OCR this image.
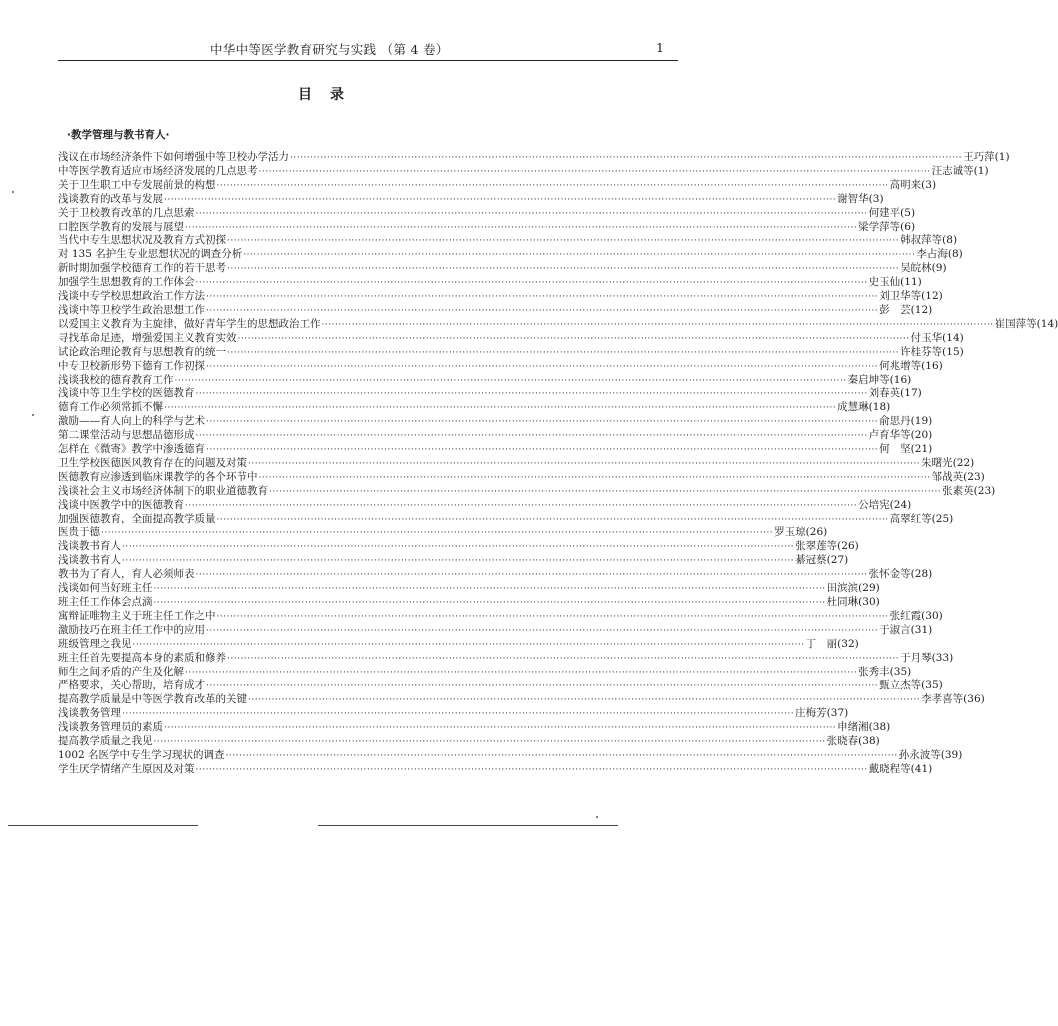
中华中等医学教育研究与实践 （第 4 卷）	1
目录
·教学管理与教书育人·
浅议在市场经济条件下如何增强中等卫校办学活力 ········································································································································································································ 王巧萍 (1)
中等医学教育适应市场经济发展的几点思考 ········································································································································································································ 汪志诚等 (1)
关于卫生职工中专发展前景的构想 ········································································································································································································ 高明来 (3)
浅谈教育的改革与发展 ········································································································································································································ 谢智华 (3)
关于卫校教育改革的几点思索 ········································································································································································································ 何建平 (5)
口腔医学教育的发展与展望 ········································································································································································································ 梁学萍等 (6)
当代中专生思想状况及教育方式初探 ········································································································································································································ 韩叔萍等 (8)
对 135 名护生专业思想状况的调查分析 ········································································································································································································ 李占海 (8)
新时期加强学校德育工作的若干思考 ········································································································································································································ 吴皖林 (9)
加强学生思想教育的工作体会 ········································································································································································································ 史玉仙 (11)
浅谈中专学校思想政治工作方法 ········································································································································································································ 刘卫华等 (12)
浅谈中等卫校学生政治思想工作 ········································································································································································································ 彭　芸 (12)
以爱国主义教育为主旋律，做好青年学生的思想政治工作 ········································································································································································································ 崔国萍等 (14)
寻找革命足迹，增强爱国主义教育实效 ········································································································································································································ 付玉华 (14)
试论政治理论教育与思想教育的统一 ········································································································································································································ 许桂芬等 (15)
中专卫校新形势下德育工作初探 ········································································································································································································ 何兆增等 (16)
浅谈我校的德育教育工作 ········································································································································································································ 秦启坤等 (16)
浅谈中等卫生学校的医德教育 ········································································································································································································ 刘春英 (17)
德育工作必须常抓不懈 ········································································································································································································ 成慧琳 (18)
激励——育人向上的科学与艺术 ········································································································································································································ 俞思丹 (19)
第二课堂活动与思想品德形成 ········································································································································································································ 卢育华等 (20)
怎样在《微寄》教学中渗透德育 ········································································································································································································ 何　坚 (21)
卫生学校医德医风教育存在的问题及对策 ········································································································································································································ 朱曙光 (22)
医德教育应渗透到临床课教学的各个环节中 ········································································································································································································ 邹战英 (23)
浅谈社会主义市场经济体制下的职业道德教育 ········································································································································································································ 张素英 (23)
浅谈中医教学中的医德教育 ········································································································································································································ 公培宪 (24)
加强医德教育，全面提高教学质量 ········································································································································································································ 高翠红等 (25)
医贵于德 ········································································································································································································ 罗玉琼 (26)
浅谈教书育人 ········································································································································································································ 张翠莲等 (26)
浅谈教书育人 ········································································································································································································ 綦冠蔡 (27)
教书为了育人，育人必须师表 ········································································································································································································ 张怀金等 (28)
浅谈如何当好班主任 ········································································································································································································ 田滨滨 (29)
班主任工作体会点滴 ········································································································································································································ 杜同琳 (30)
寓辩证唯物主义于班主任工作之中 ········································································································································································································ 张红霞 (30)
激励技巧在班主任工作中的应用 ········································································································································································································ 于淑言 (31)
班级管理之我见 ········································································································································································································ 丁　丽 (32)
班主任首先要提高本身的素质和修养 ········································································································································································································ 于月琴 (33)
师生之间矛盾的产生及化解 ········································································································································································································ 张秀丰 (35)
严格要求，关心帮助，培育成才 ········································································································································································································ 甄立杰等 (35)
提高教学质量是中等医学教育改革的关键 ········································································································································································································ 李孝喜等 (36)
浅谈教务管理 ········································································································································································································ 庄梅芳 (37)
浅谈教务管理员的素质 ········································································································································································································ 申绪湘 (38)
提高教学质量之我见 ········································································································································································································ 张晓春 (38)
1002 名医学中专生学习现状的调查 ········································································································································································································ 孙永波等 (39)
学生厌学情绪产生原因及对策 ········································································································································································································ 戴晓程等 (41)
